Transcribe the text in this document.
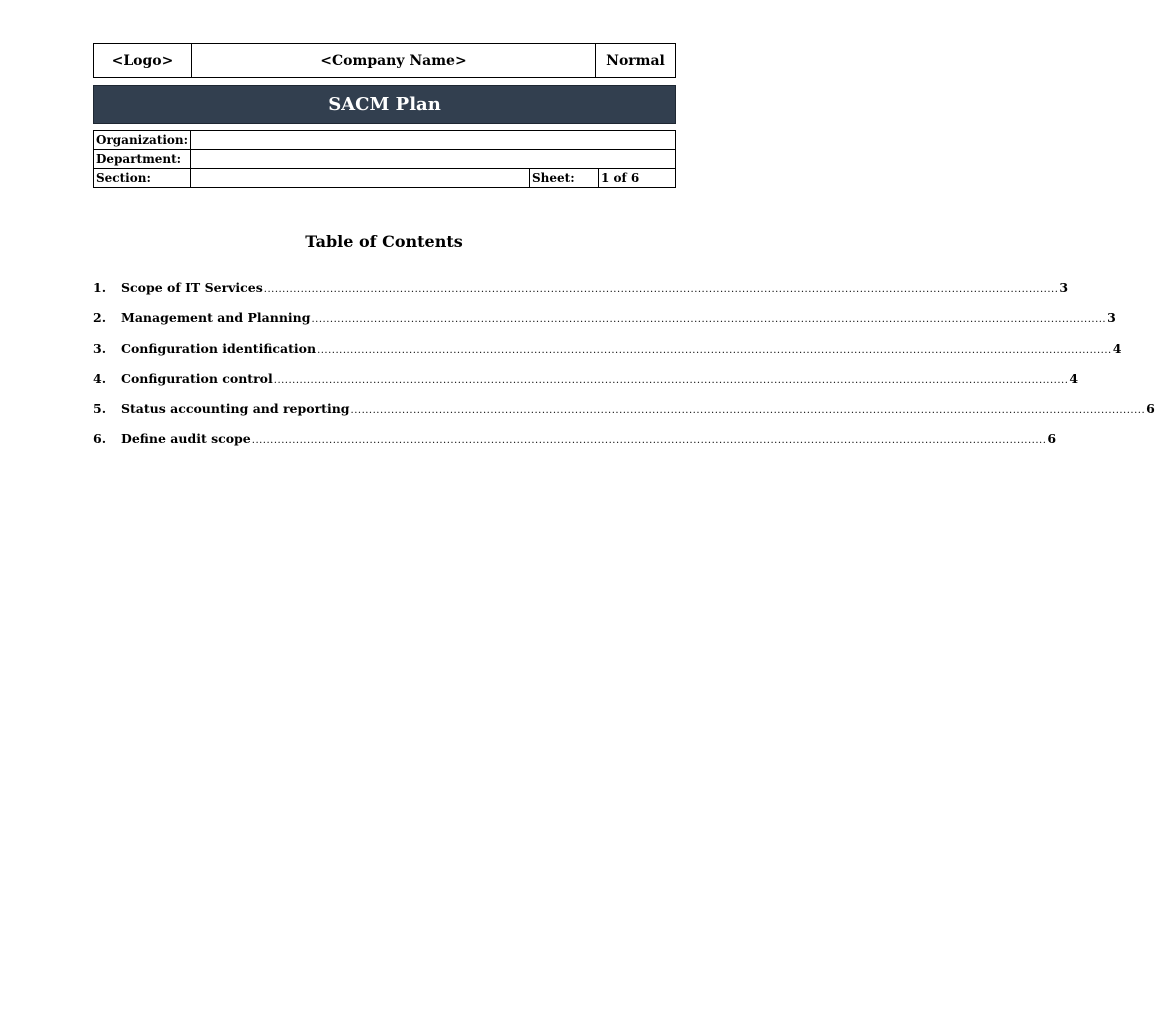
<Logo>	<Company Name>	Normal
SACM Plan
Organization:
Department:
Section:	Sheet:	1 of 6
Table of Contents
1.	Scope of IT Services ........................................................................................................................................................................................................................ 3
2.	Management and Planning ........................................................................................................................................................................................................................ 3
3.	Configuration identification ........................................................................................................................................................................................................................ 4
4.	Configuration control ........................................................................................................................................................................................................................ 4
5.	Status accounting and reporting ........................................................................................................................................................................................................................ 6
6.	Define audit scope ........................................................................................................................................................................................................................ 6
